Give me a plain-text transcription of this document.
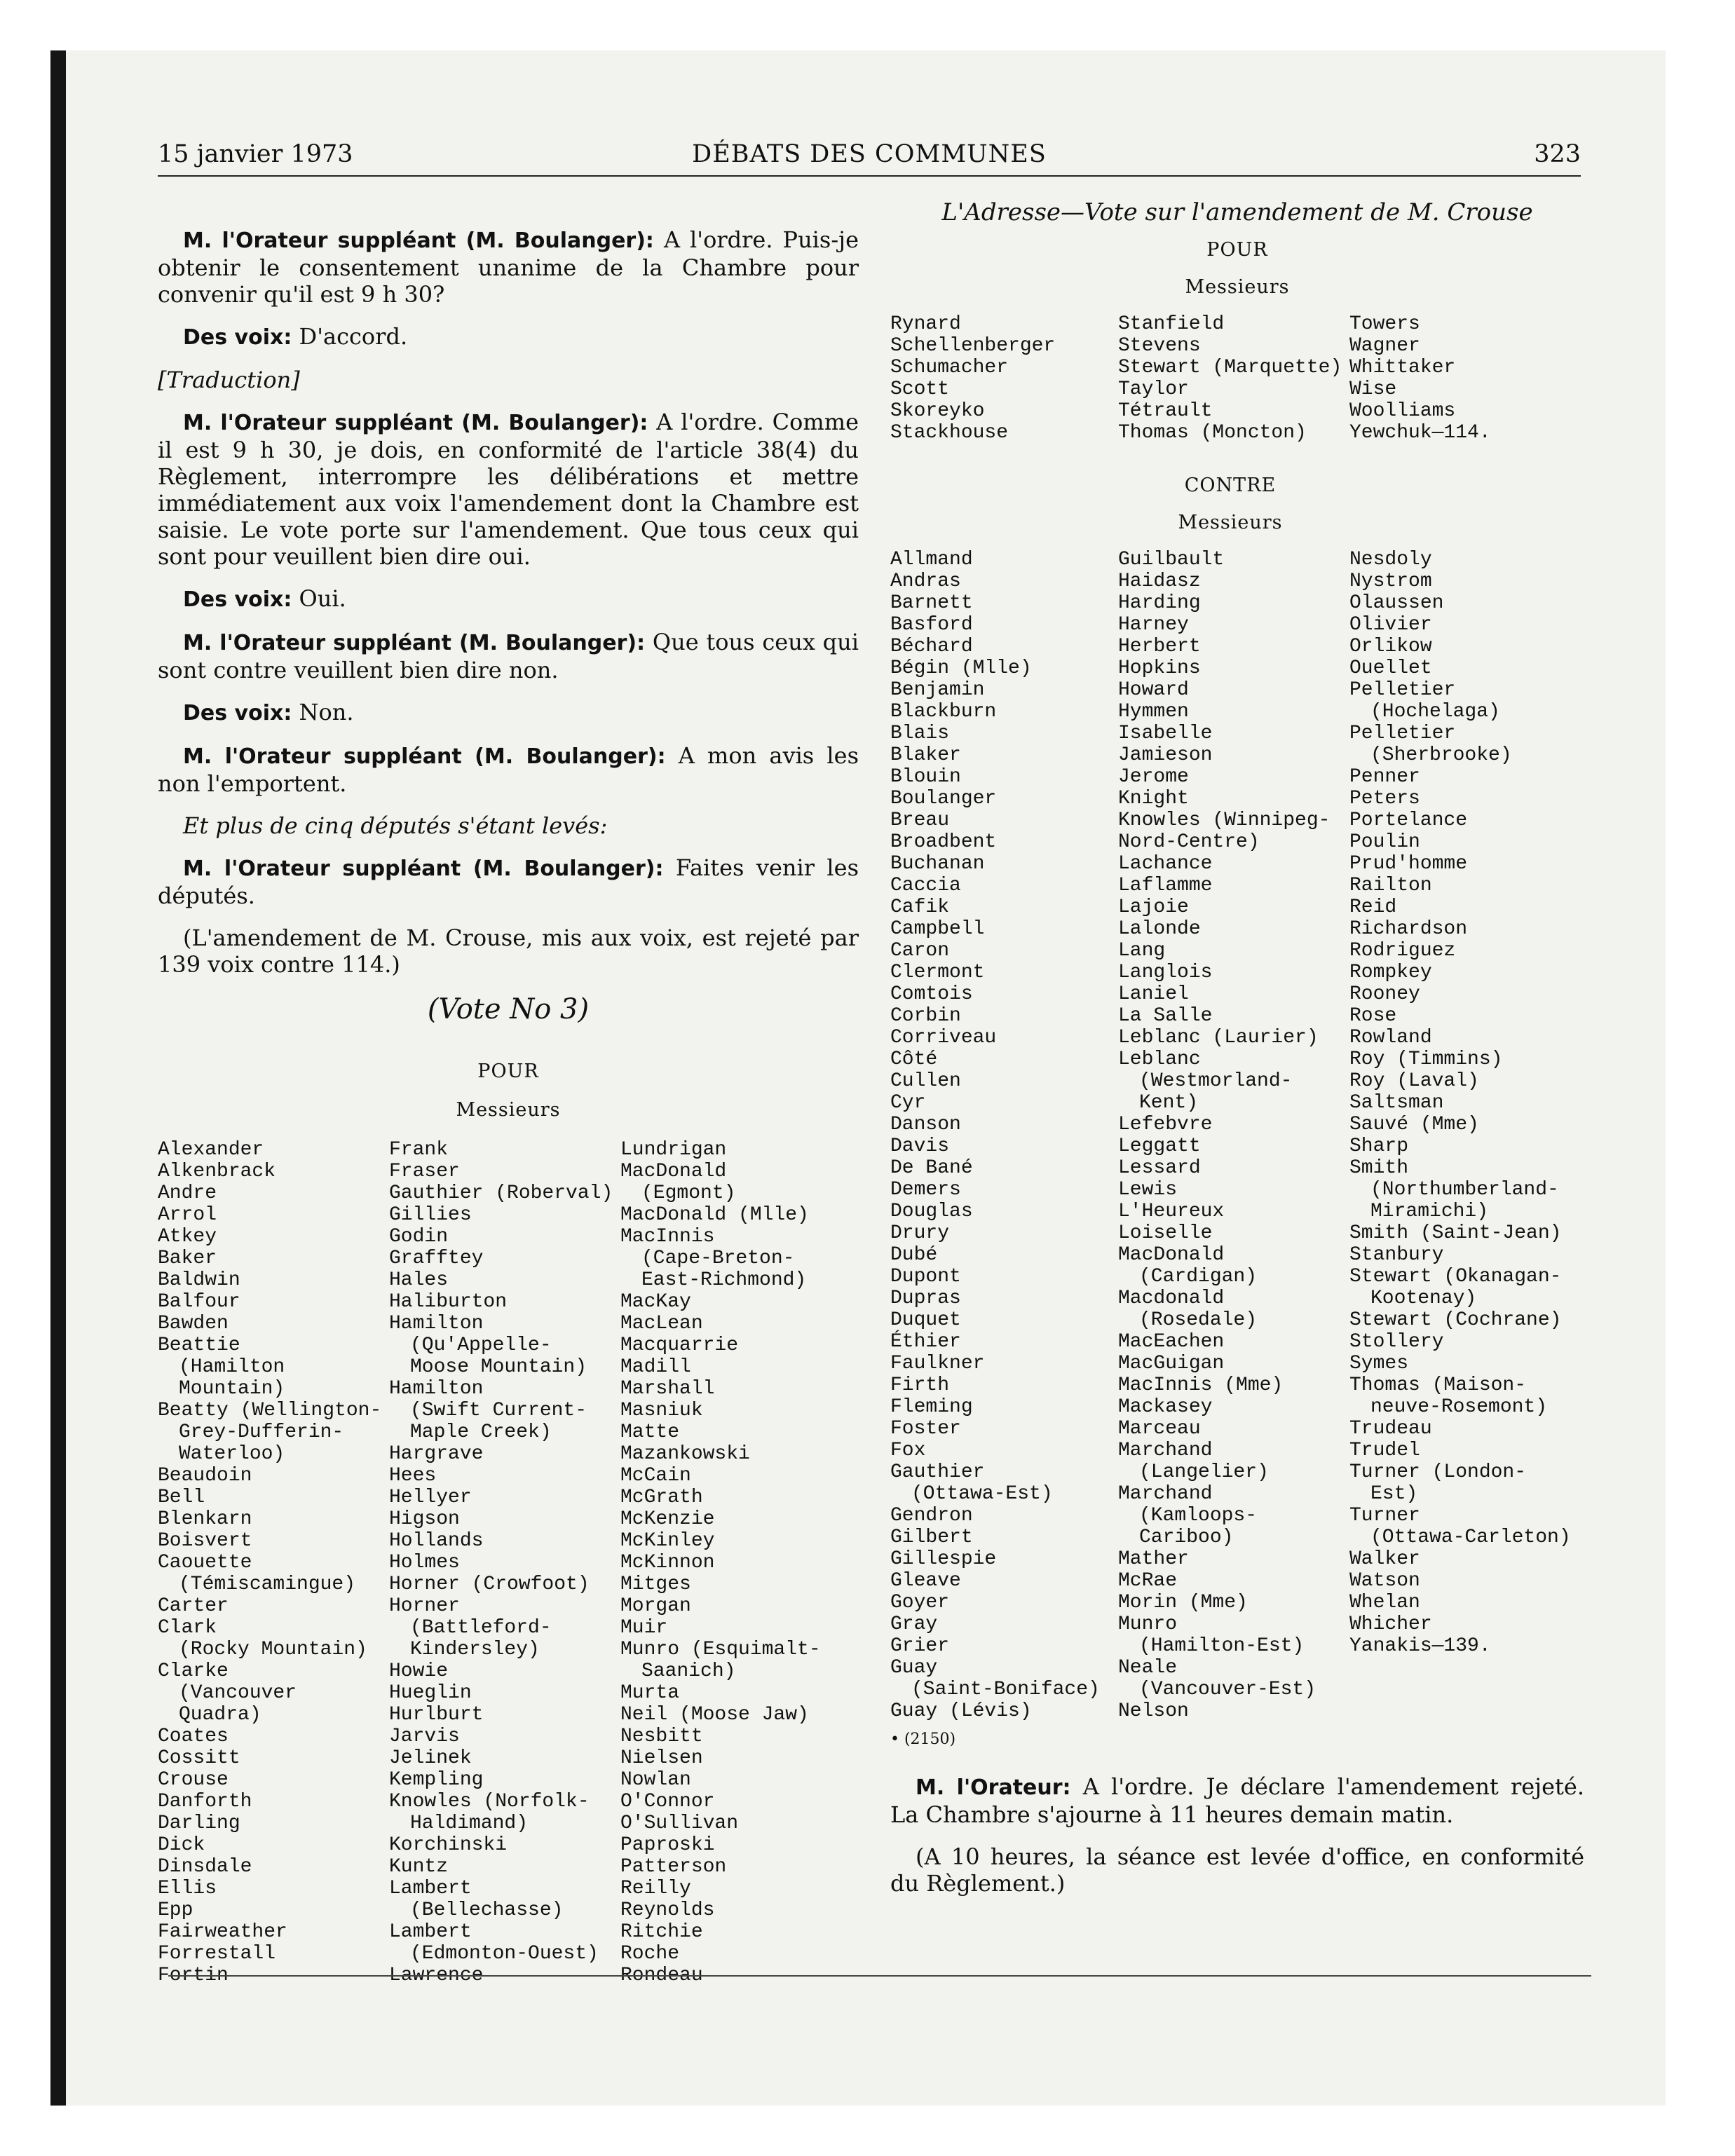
15 janvier 1973	DÉBATS DES COMMUNES	323

M. l'Orateur suppléant (M. Boulanger): A l'ordre. Puis-je obtenir le consentement unanime de la Chambre pour convenir qu'il est 9 h 30?

Des voix: D'accord.

[Traduction]

M. l'Orateur suppléant (M. Boulanger): A l'ordre. Comme il est 9 h 30, je dois, en conformité de l'article 38(4) du Règlement, interrompre les délibérations et mettre immédiatement aux voix l'amendement dont la Chambre est saisie. Le vote porte sur l'amendement. Que tous ceux qui sont pour veuillent bien dire oui.

Des voix: Oui.

M. l'Orateur suppléant (M. Boulanger): Que tous ceux qui sont contre veuillent bien dire non.

Des voix: Non.

M. l'Orateur suppléant (M. Boulanger): A mon avis les non l'emportent.

Et plus de cinq députés s'étant levés:

M. l'Orateur suppléant (M. Boulanger): Faites venir les députés.

(L'amendement de M. Crouse, mis aux voix, est rejeté par 139 voix contre 114.)

(Vote No 3)
POUR
Messieurs
Alexander
Alkenbrack
Andre
Arrol
Atkey
Baker
Baldwin
Balfour
Bawden
Beattie
(Hamilton
Mountain)
Beatty (Wellington-
Grey-Dufferin-
Waterloo)
Beaudoin
Bell
Blenkarn
Boisvert
Caouette
(Témiscamingue)
Carter
Clark
(Rocky Mountain)
Clarke
(Vancouver
Quadra)
Coates
Cossitt
Crouse
Danforth
Darling
Dick
Dinsdale
Ellis
Epp
Fairweather
Forrestall
Fortin
Frank
Fraser
Gauthier (Roberval)
Gillies
Godin
Grafftey
Hales
Haliburton
Hamilton
(Qu'Appelle-
Moose Mountain)
Hamilton
(Swift Current-
Maple Creek)
Hargrave
Hees
Hellyer
Higson
Hollands
Holmes
Horner (Crowfoot)
Horner
(Battleford-
Kindersley)
Howie
Hueglin
Hurlburt
Jarvis
Jelinek
Kempling
Knowles (Norfolk-
Haldimand)
Korchinski
Kuntz
Lambert
(Bellechasse)
Lambert
(Edmonton-Ouest)
Lawrence
Lundrigan
MacDonald
(Egmont)
MacDonald (Mlle)
MacInnis
(Cape-Breton-
East-Richmond)
MacKay
MacLean
Macquarrie
Madill
Marshall
Masniuk
Matte
Mazankowski
McCain
McGrath
McKenzie
McKinley
McKinnon
Mitges
Morgan
Muir
Munro (Esquimalt-
Saanich)
Murta
Neil (Moose Jaw)
Nesbitt
Nielsen
Nowlan
O'Connor
O'Sullivan
Paproski
Patterson
Reilly
Reynolds
Ritchie
Roche
Rondeau
L'Adresse—Vote sur l'amendement de M. Crouse
POUR
Messieurs
Rynard
Schellenberger
Schumacher
Scott
Skoreyko
Stackhouse
Stanfield
Stevens
Stewart (Marquette)
Taylor
Tétrault
Thomas (Moncton)
Towers
Wagner
Whittaker
Wise
Woolliams
Yewchuk—114.
CONTRE
Messieurs
Allmand
Andras
Barnett
Basford
Béchard
Bégin (Mlle)
Benjamin
Blackburn
Blais
Blaker
Blouin
Boulanger
Breau
Broadbent
Buchanan
Caccia
Cafik
Campbell
Caron
Clermont
Comtois
Corbin
Corriveau
Côté
Cullen
Cyr
Danson
Davis
De Bané
Demers
Douglas
Drury
Dubé
Dupont
Dupras
Duquet
Éthier
Faulkner
Firth
Fleming
Foster
Fox
Gauthier
(Ottawa-Est)
Gendron
Gilbert
Gillespie
Gleave
Goyer
Gray
Grier
Guay
(Saint-Boniface)
Guay (Lévis)
Guilbault
Haidasz
Harding
Harney
Herbert
Hopkins
Howard
Hymmen
Isabelle
Jamieson
Jerome
Knight
Knowles (Winnipeg-
Nord-Centre)
Lachance
Laflamme
Lajoie
Lalonde
Lang
Langlois
Laniel
La Salle
Leblanc (Laurier)
Leblanc
(Westmorland-
Kent)
Lefebvre
Leggatt
Lessard
Lewis
L'Heureux
Loiselle
MacDonald
(Cardigan)
Macdonald
(Rosedale)
MacEachen
MacGuigan
MacInnis (Mme)
Mackasey
Marceau
Marchand
(Langelier)
Marchand
(Kamloops-
Cariboo)
Mather
McRae
Morin (Mme)
Munro
(Hamilton-Est)
Neale
(Vancouver-Est)
Nelson
Nesdoly
Nystrom
Olaussen
Olivier
Orlikow
Ouellet
Pelletier
(Hochelaga)
Pelletier
(Sherbrooke)
Penner
Peters
Portelance
Poulin
Prud'homme
Railton
Reid
Richardson
Rodriguez
Rompkey
Rooney
Rose
Rowland
Roy (Timmins)
Roy (Laval)
Saltsman
Sauvé (Mme)
Sharp
Smith
(Northumberland-
Miramichi)
Smith (Saint-Jean)
Stanbury
Stewart (Okanagan-
Kootenay)
Stewart (Cochrane)
Stollery
Symes
Thomas (Maison-
neuve-Rosemont)
Trudeau
Trudel
Turner (London-
Est)
Turner
(Ottawa-Carleton)
Walker
Watson
Whelan
Whicher
Yanakis—139.
• (2150)

M. l'Orateur: A l'ordre. Je déclare l'amendement rejeté. La Chambre s'ajourne à 11 heures demain matin.

(A 10 heures, la séance est levée d'office, en conformité du Règlement.)
